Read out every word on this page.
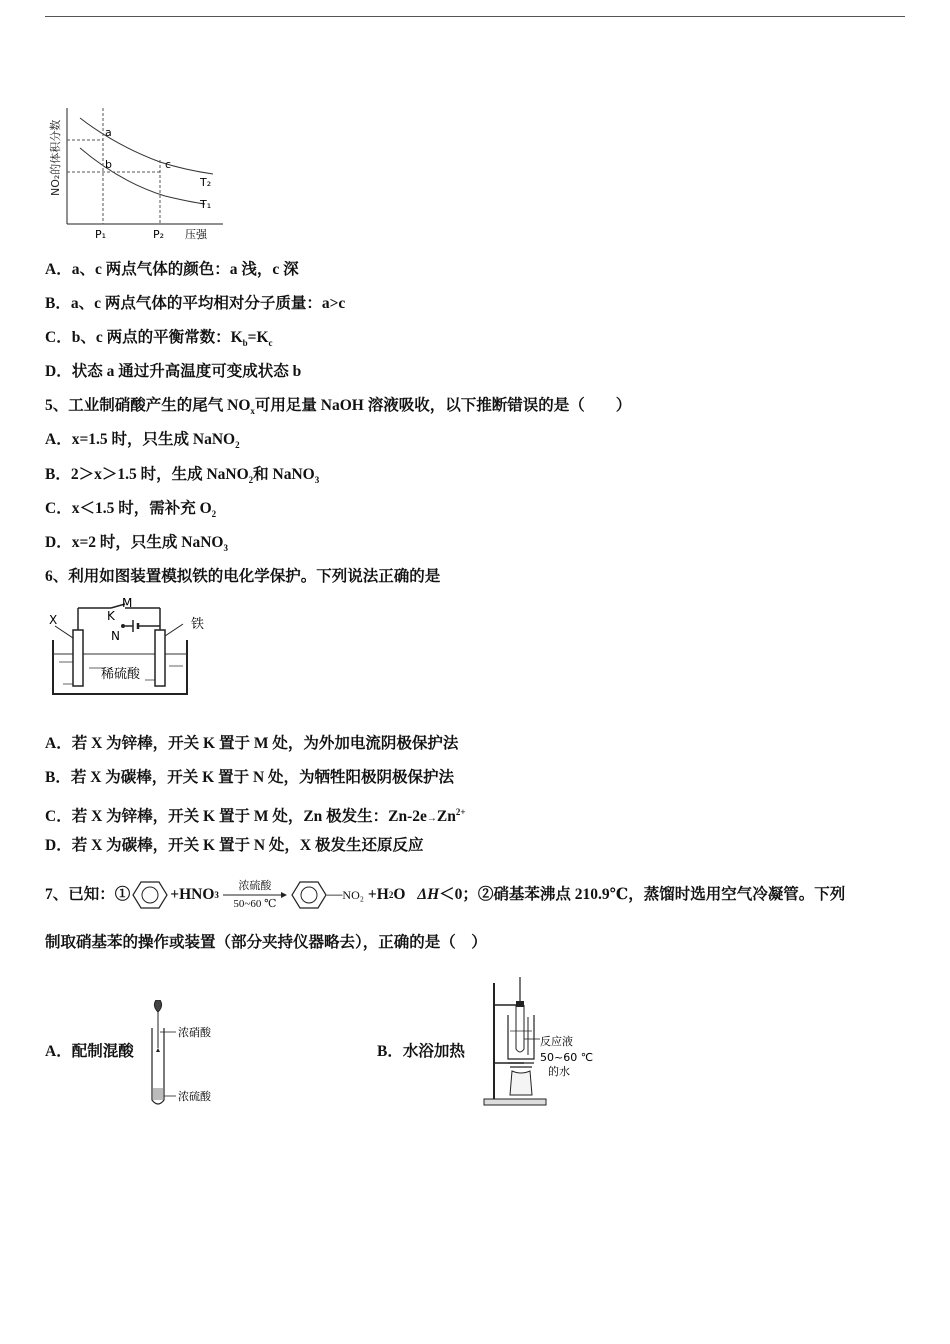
NO₂的体积分数	a
b	c
T₂
T₁
P₁	P₂ 压强
A．a、c 两点气体的颜色：a 浅，c 深
B．a、c 两点气体的平均相对分子质量：a>c
C．b、c 两点的平衡常数：$K_b=K_c$
D．状态 a 通过升高温度可变成状态 b
5、工业制硝酸产生的尾气 $NO_x$可用足量 NaOH 溶液吸收，以下推断错误的是（　　）
A．x=1.5 时，只生成 NaNO$_2$
B．2＞x＞1.5 时，生成 NaNO$_2$和 NaNO$_3$
C．x＜1.5 时，需补充 $O_2$
D．x=2 时，只生成 NaNO$_3$
6、利用如图装置模拟铁的电化学保护。下列说法正确的是
X	K
M
N
铁
稀硫酸
A．若 X 为锌棒，开关 K 置于 M 处，为外加电流阴极保护法
B．若 X 为碳棒，开关 K 置于 N 处，为牺牲阳极阴极保护法
C．若 X 为锌棒，开关 K 置于 M 处，Zn 极发生：$Zn-2e\to Zn^{2+}$
D．若 X 为碳棒，开关 K 置于 N 处，X 极发生还原反应
7、已知：①	+HNO 3
浓硫酸
50~60 ℃
— NO₂ +H 2 O ΔH ＜0；②硝基苯沸点 210.9℃，蒸馏时选用空气冷凝管。下列
制取硝基苯的操作或装置（部分夹持仪器略去），正确的是（　）
A．配制混酸
浓硝酸
浓硫酸
B．水浴加热
反应液
50~60 ℃
的水
